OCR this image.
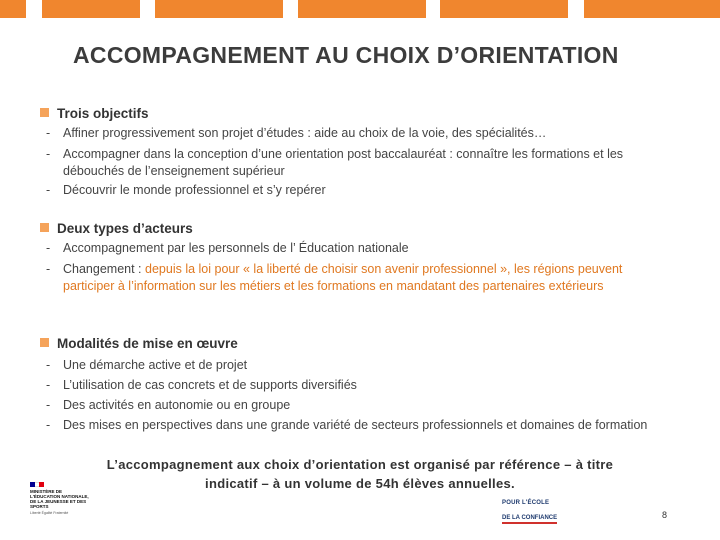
ACCOMPAGNEMENT AU CHOIX D’ORIENTATION
Trois objectifs
- Affiner progressivement son projet d’études : aide au choix de la voie, des spécialités…
- Accompagner dans la conception d’une orientation post baccalauréat : connaître les formations et les débouchés de l’enseignement supérieur
- Découvrir le monde professionnel et s’y repérer
Deux types d’acteurs
- Accompagnement par les personnels de l’ Éducation nationale
- Changement : depuis la loi pour « la liberté de choisir son avenir professionnel », les régions peuvent participer à l’information sur les métiers et les formations en mandatant des partenaires extérieurs
Modalités de mise en œuvre
- Une démarche active et de projet
- L’utilisation de cas concrets et de supports diversifiés
- Des activités en autonomie ou en groupe
- Des mises en perspectives dans une grande variété de secteurs professionnels et domaines de formation
L’accompagnement aux choix d’orientation est organisé par référence – à titre
indicatif – à un volume de 54h élèves annuelles.
MINISTÈRE DE L'ÉDUCATION NATIONALE, DE LA JEUNESSE ET DES SPORTS
Liberté Égalité Fraternité
POUR L'ÉCOLE
DE LA CONFIANCE	8
